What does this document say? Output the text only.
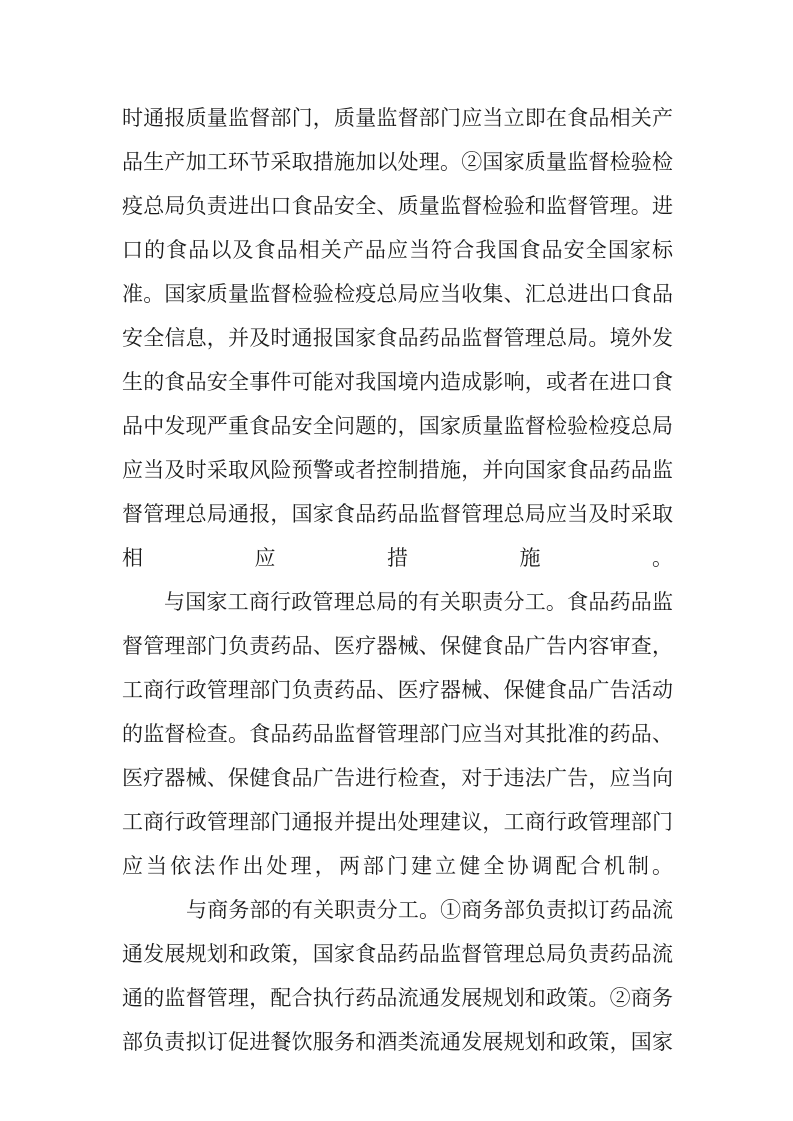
时通报质量监督部门，质量监督部门应当立即在食品相关产
品生产加工环节采取措施加以处理。②国家质量监督检验检
疫总局负责进出口食品安全、质量监督检验和监督管理。进
口的食品以及食品相关产品应当符合我国食品安全国家标
准。国家质量监督检验检疫总局应当收集、汇总进出口食品
安全信息，并及时通报国家食品药品监督管理总局。境外发
生的食品安全事件可能对我国境内造成影响，或者在进口食
品中发现严重食品安全问题的，国家质量监督检验检疫总局
应当及时采取风险预警或者控制措施，并向国家食品药品监
督管理总局通报，国家食品药品监督管理总局应当及时采取
相 应 措 施 。
与国家工商行政管理总局的有关职责分工。食品药品监
督管理部门负责药品、医疗器械、保健食品广告内容审查，
工商行政管理部门负责药品、医疗器械、保健食品广告活动
的监督检查。食品药品监督管理部门应当对其批准的药品、
医疗器械、保健食品广告进行检查，对于违法广告，应当向
工商行政管理部门通报并提出处理建议，工商行政管理部门
应当依法作出处理，两部门建立健全协调配合机制。
与商务部的有关职责分工。①商务部负责拟订药品流
通发展规划和政策，国家食品药品监督管理总局负责药品流
通的监督管理，配合执行药品流通发展规划和政策。②商务
部负责拟订促进餐饮服务和酒类流通发展规划和政策，国家
